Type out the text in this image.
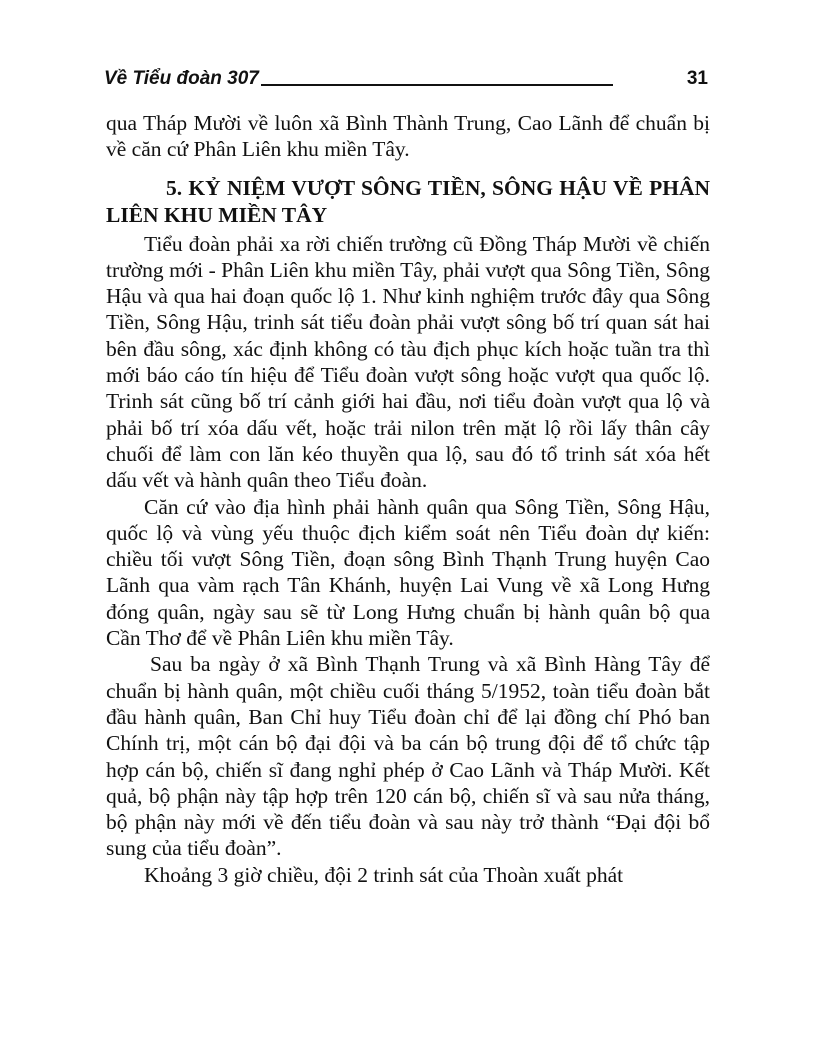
Về Tiểu đoàn 307	31

qua Tháp Mười về luôn xã Bình Thành Trung, Cao Lãnh để chuẩn bị về căn cứ Phân Liên khu miền Tây.

5. KỶ NIỆM VƯỢT SÔNG TIỀN, SÔNG HẬU VỀ PHÂN LIÊN KHU MIỀN TÂY

Tiểu đoàn phải xa rời chiến trường cũ Đồng Tháp Mười về chiến trường mới - Phân Liên khu miền Tây, phải vượt qua Sông Tiền, Sông Hậu và qua hai đoạn quốc lộ 1. Như kinh nghiệm trước đây qua Sông Tiền, Sông Hậu, trinh sát tiểu đoàn phải vượt sông bố trí quan sát hai bên đầu sông, xác định không có tàu địch phục kích hoặc tuần tra thì mới báo cáo tín hiệu để Tiểu đoàn vượt sông hoặc vượt qua quốc lộ. Trinh sát cũng bố trí cảnh giới hai đầu, nơi tiểu đoàn vượt qua lộ và phải bố trí xóa dấu vết, hoặc trải nilon trên mặt lộ rồi lấy thân cây chuối để làm con lăn kéo thuyền qua lộ, sau đó tổ trinh sát xóa hết dấu vết và hành quân theo Tiểu đoàn.

Căn cứ vào địa hình phải hành quân qua Sông Tiền, Sông Hậu, quốc lộ và vùng yếu thuộc địch kiểm soát nên Tiểu đoàn dự kiến: chiều tối vượt Sông Tiền, đoạn sông Bình Thạnh Trung huyện Cao Lãnh qua vàm rạch Tân Khánh, huyện Lai Vung về xã Long Hưng đóng quân, ngày sau sẽ từ Long Hưng chuẩn bị hành quân bộ qua Cần Thơ để về Phân Liên khu miền Tây.

Sau ba ngày ở xã Bình Thạnh Trung và xã Bình Hàng Tây để chuẩn bị hành quân, một chiều cuối tháng 5/1952, toàn tiểu đoàn bắt đầu hành quân, Ban Chỉ huy Tiểu đoàn chỉ để lại đồng chí Phó ban Chính trị, một cán bộ đại đội và ba cán bộ trung đội để tổ chức tập hợp cán bộ, chiến sĩ đang nghỉ phép ở Cao Lãnh và Tháp Mười. Kết quả, bộ phận này tập hợp trên 120 cán bộ, chiến sĩ và sau nửa tháng, bộ phận này mới về đến tiểu đoàn và sau này trở thành “Đại đội bổ sung của tiểu đoàn”.

Khoảng 3 giờ chiều, đội 2 trinh sát của Thoàn xuất phát
